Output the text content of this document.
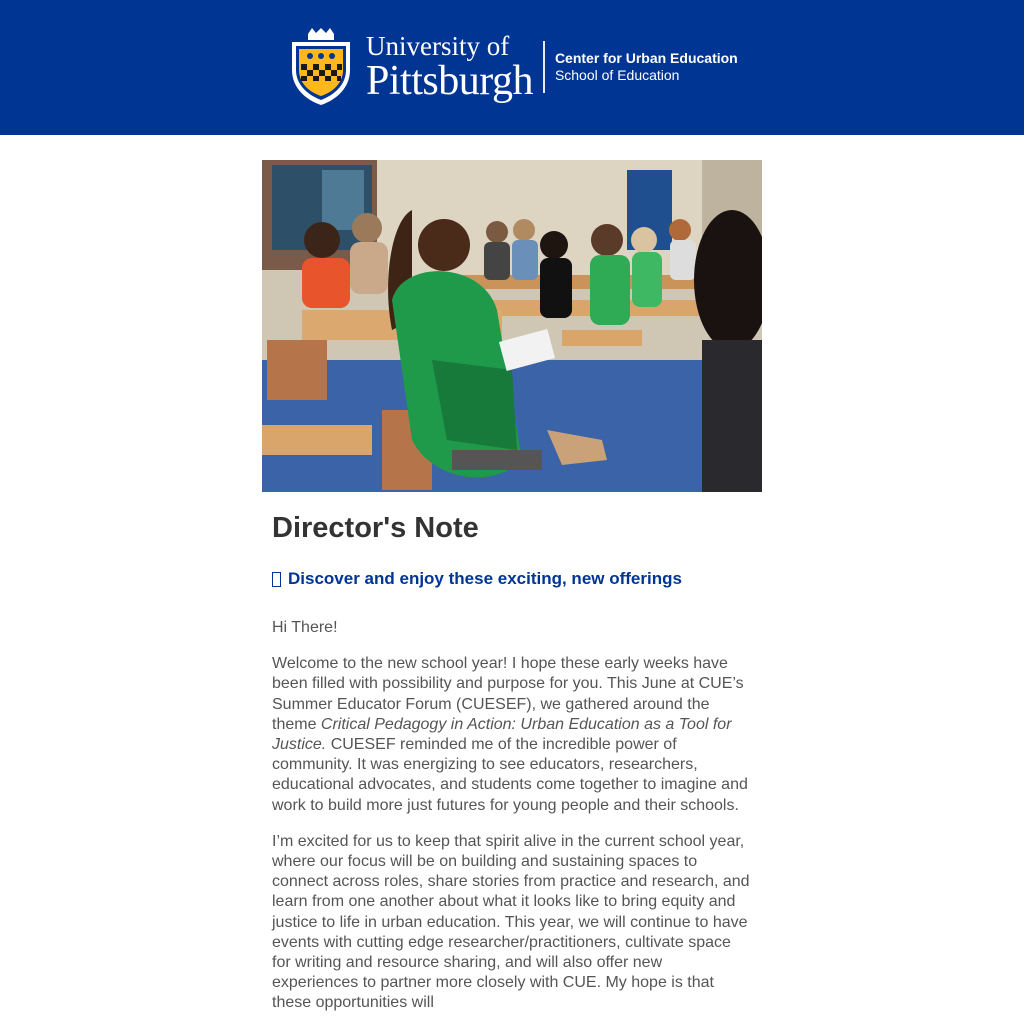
University of
Pittsburgh Center for Urban Education
School of Education
Director's Note
Discover and enjoy these exciting, new offerings

Hi There!

Welcome to the new school year! I hope these early weeks have been filled with possibility and purpose for you. This June at CUE’s Summer Educator Forum (CUESEF), we gathered around the theme Critical Pedagogy in Action: Urban Education as a Tool for Justice. CUESEF reminded me of the incredible power of community. It was energizing to see educators, researchers, educational advocates, and students come together to imagine and work to build more just futures for young people and their schools.

I’m excited for us to keep that spirit alive in the current school year, where our focus will be on building and sustaining spaces to connect across roles, share stories from practice and research, and learn from one another about what it looks like to bring equity and justice to life in urban education. This year, we will continue to have events with cutting edge researcher/practitioners, cultivate space for writing and resource sharing, and will also offer new experiences to partner more closely with CUE. My hope is that these opportunities will
